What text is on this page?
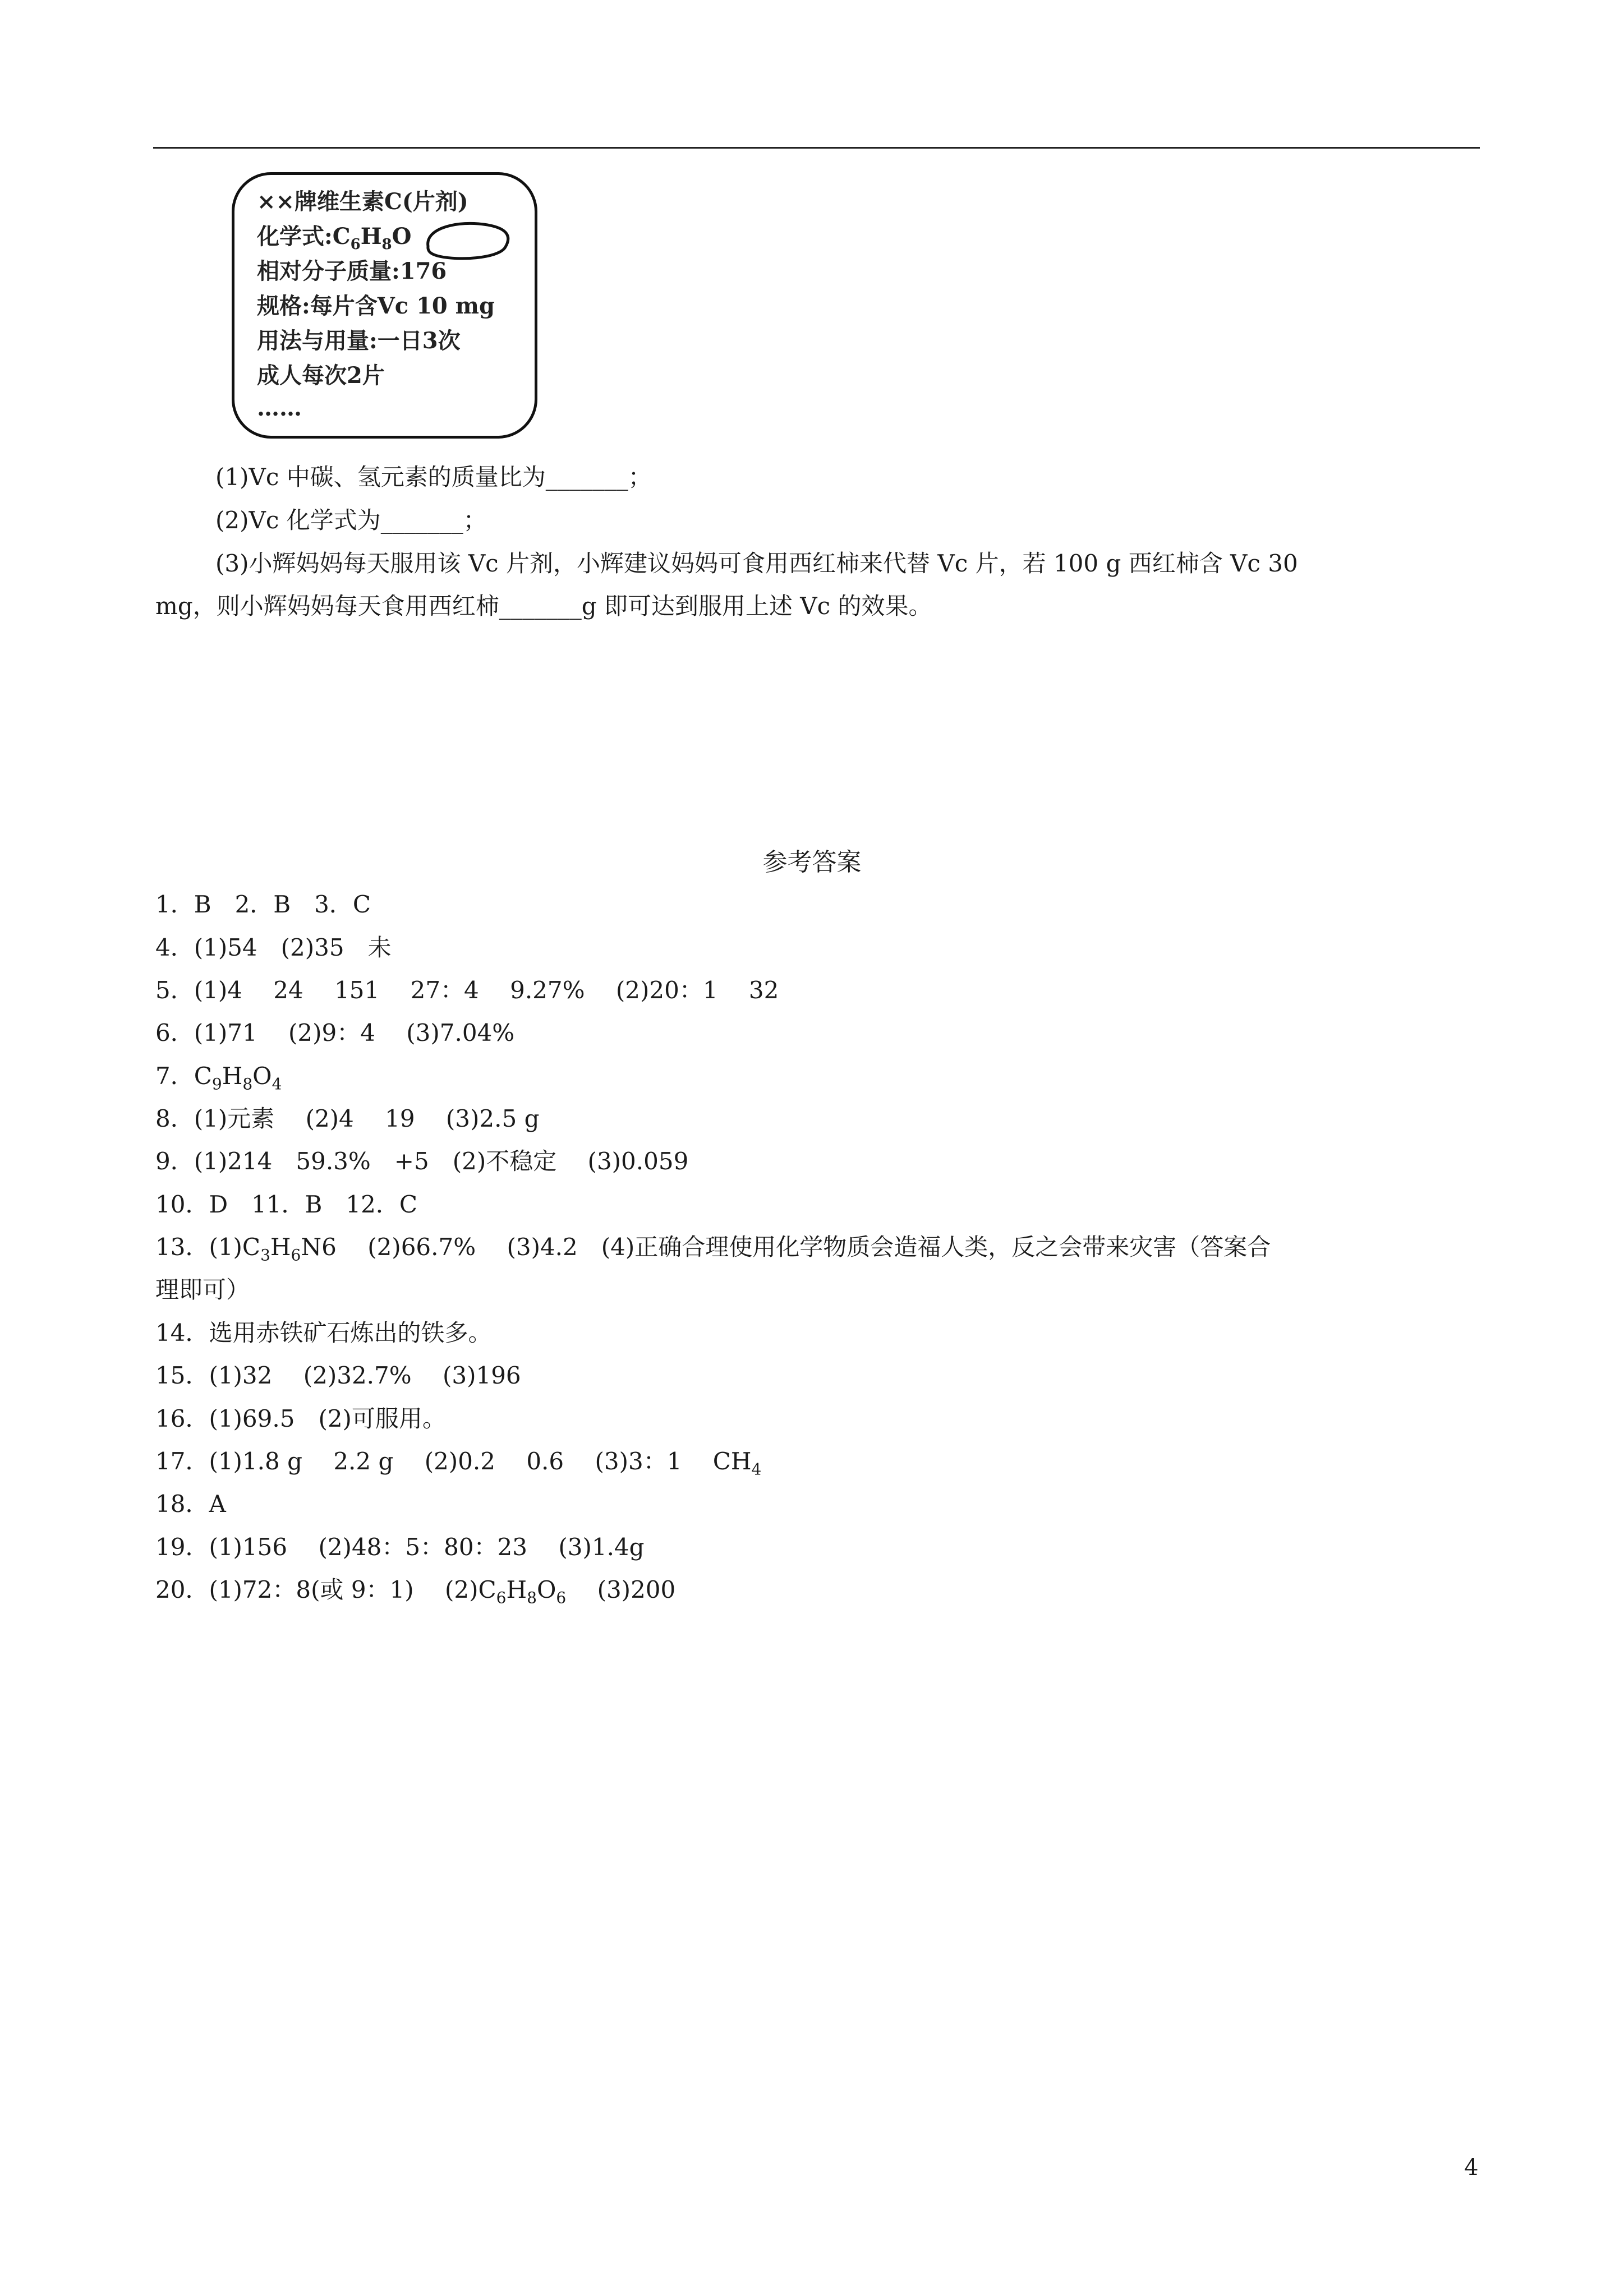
××牌维生素C(片剂)
化学式$:C_6H_8O$
相对分子质量:176
规格:每片含Vc 10 mg
用法与用量:一日3次
成人每次2片
……
(1)Vc 中碳、氢元素的质量比为_______；
(2)Vc 化学式为_______；
(3)小辉妈妈每天服用该 Vc 片剂，小辉建议妈妈可食用西红柿来代替 Vc 片，若 100 g 西红柿含 Vc 30
mg，则小辉妈妈每天食用西红柿_______g 即可达到服用上述 Vc 的效果。
参考答案
1．B　2．B　3．C
4．(1)54　(2)35　未
5．(1)4　 24　 151　 27：4　 9.27%　 (2)20：1　 32
6．(1)71　 (2)9：4　 (3)7.04%
7．$C_9H_8O_4$
8．(1)元素　 (2)4　 19　 (3)2.5 g
9．(1)214　59.3%　+5　(2)不稳定　 (3)0.059
10．D　11．B　12．C
13．$(1)C_3H_6N6$　 (2)66.7%　 (3)4.2　(4)正确合理使用化学物质会造福人类，反之会带来灾害（答案合
理即可）
14．选用赤铁矿石炼出的铁多。
15．(1)32　 (2)32.7%　 (3)196
16．(1)69.5　(2)可服用。
17．(1)1.8 g　 2.2 g　 (2)0.2　 0.6　 (3)3：1　 $CH_4$
18．A
19．(1)156　 (2)48：5：80：23　 (3)1.4g
20．(1)72：8(或 9：1)　 $(2)C_6H_8O_6$　 (3)200
4
